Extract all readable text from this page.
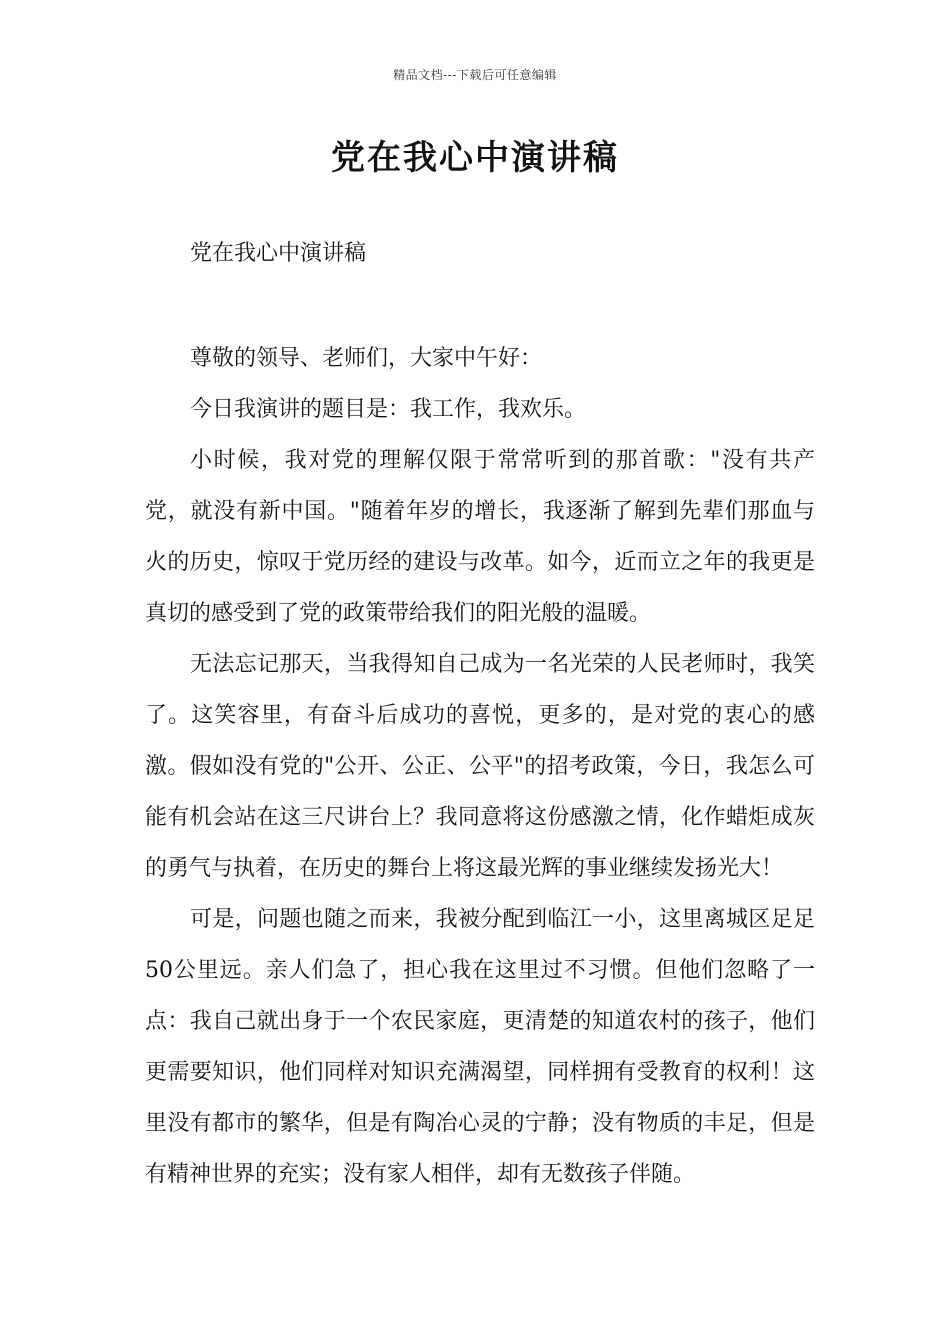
精品文档---下载后可任意编辑
党在我心中演讲稿
党在我心中演讲稿

尊敬的领导、老师们，大家中午好：

今日我演讲的题目是：我工作，我欢乐。

小时候，我对党的理解仅限于常常听到的那首歌："没有共产党，就没有新中国。"随着年岁的增长，我逐渐了解到先辈们那血与火的历史，惊叹于党历经的建设与改革。如今，近而立之年的我更是真切的感受到了党的政策带给我们的阳光般的温暖。

无法忘记那天，当我得知自己成为一名光荣的人民老师时，我笑了。这笑容里，有奋斗后成功的喜悦，更多的，是对党的衷心的感激。假如没有党的"公开、公正、公平"的招考政策，今日，我怎么可能有机会站在这三尺讲台上？我同意将这份感激之情，化作蜡炬成灰的勇气与执着，在历史的舞台上将这最光辉的事业继续发扬光大！

可是，问题也随之而来，我被分配到临江一小，这里离城区足足50公里远。亲人们急了，担心我在这里过不习惯。但他们忽略了一点：我自己就出身于一个农民家庭，更清楚的知道农村的孩子，他们更需要知识，他们同样对知识充满渴望，同样拥有受教育的权利！这里没有都市的繁华，但是有陶冶心灵的宁静；没有物质的丰足，但是有精神世界的充实；没有家人相伴，却有无数孩子伴随。
